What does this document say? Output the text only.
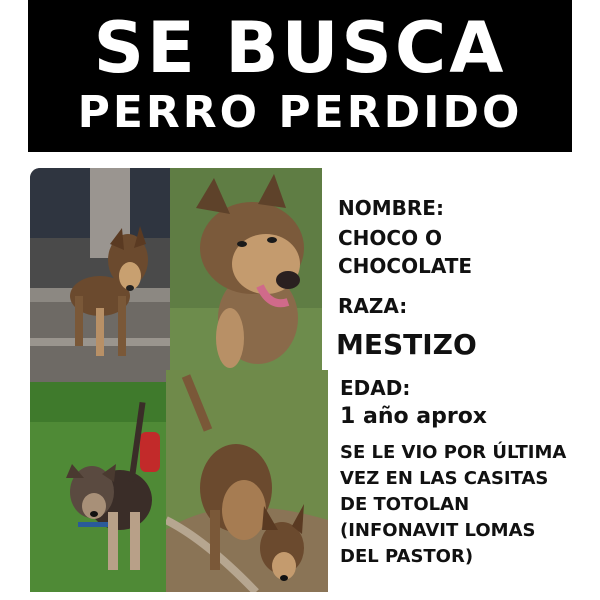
SE BUSCA
PERRO PERDIDO
NOMBRE:
CHOCO O
CHOCOLATE
RAZA:
MESTIZO
EDAD:
1 año aprox
SE LE VIO POR ÚLTIMA
VEZ EN LAS CASITAS
DE TOTOLAN
(INFONAVIT LOMAS
DEL PASTOR)
